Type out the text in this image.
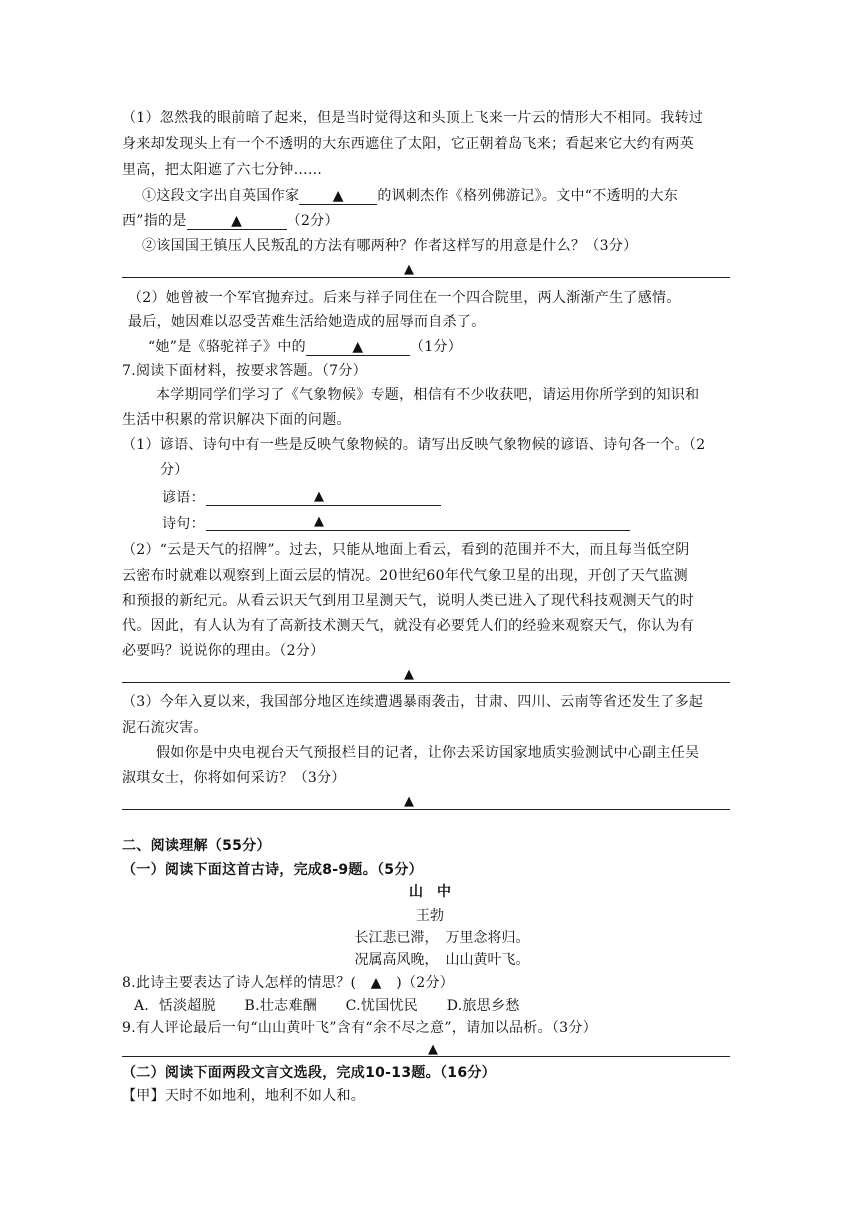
（1）忽然我的眼前暗了起来，但是当时觉得这和头顶上飞来一片云的情形大不相同。我转过
身来却发现头上有一个不透明的大东西遮住了太阳，它正朝着岛飞来；看起来它大约有两英
里高，把太阳遮了六七分钟……
①这段文字出自英国作家 ▲ 的讽刺杰作《格列佛游记》。文中“不透明的大东
西”指的是	▲	（2分）
②该国国王镇压人民叛乱的方法有哪两种？作者这样写的用意是什么？（3分）
▲
（2）她曾被一个军官抛弃过。后来与祥子同住在一个四合院里，两人渐渐产生了感情。
最后，她因难以忍受苦难生活给她造成的屈辱而自杀了。
“她”是《骆驼祥子》中的	▲	（1分）
7.阅读下面材料，按要求答题。（7分）
本学期同学们学习了《气象物候》专题，相信有不少收获吧，请运用你所学到的知识和
生活中积累的常识解决下面的问题。
（1）谚语、诗句中有一些是反映气象物候的。请写出反映气象物候的谚语、诗句各一个。（2
分）
谚语：	▲
诗句：	▲
（2）“云是天气的招牌”。过去，只能从地面上看云，看到的范围并不大，而且每当低空阴
云密布时就难以观察到上面云层的情况。20世纪60年代气象卫星的出现，开创了天气监测
和预报的新纪元。从看云识天气到用卫星测天气，说明人类已进入了现代科技观测天气的时
代。因此，有人认为有了高新技术测天气，就没有必要凭人们的经验来观察天气，你认为有
必要吗？说说你的理由。（2分）
▲
（3）今年入夏以来，我国部分地区连续遭遇暴雨袭击，甘肃、四川、云南等省还发生了多起
泥石流灾害。
假如你是中央电视台天气预报栏目的记者，让你去采访国家地质实验测试中心副主任吴
淑琪女士，你将如何采访？（3分）
▲
二、阅读理解（55分）
（一）阅读下面这首古诗，完成8-9题。（5分）
山　中
王勃
长江悲已滞，　万里念将归。
况属高风晚，　山山黄叶飞。
8.此诗主要表达了诗人怎样的情思？( ▲ )（2分）
A．恬淡超脱　　B.壮志难酬　　C.忧国忧民　　D.旅思乡愁
9.有人评论最后一句“山山黄叶飞”含有“余不尽之意”，请加以品析。（3分）
▲
（二）阅读下面两段文言文选段，完成10-13题。（16分）
【甲】天时不如地利，地利不如人和。
